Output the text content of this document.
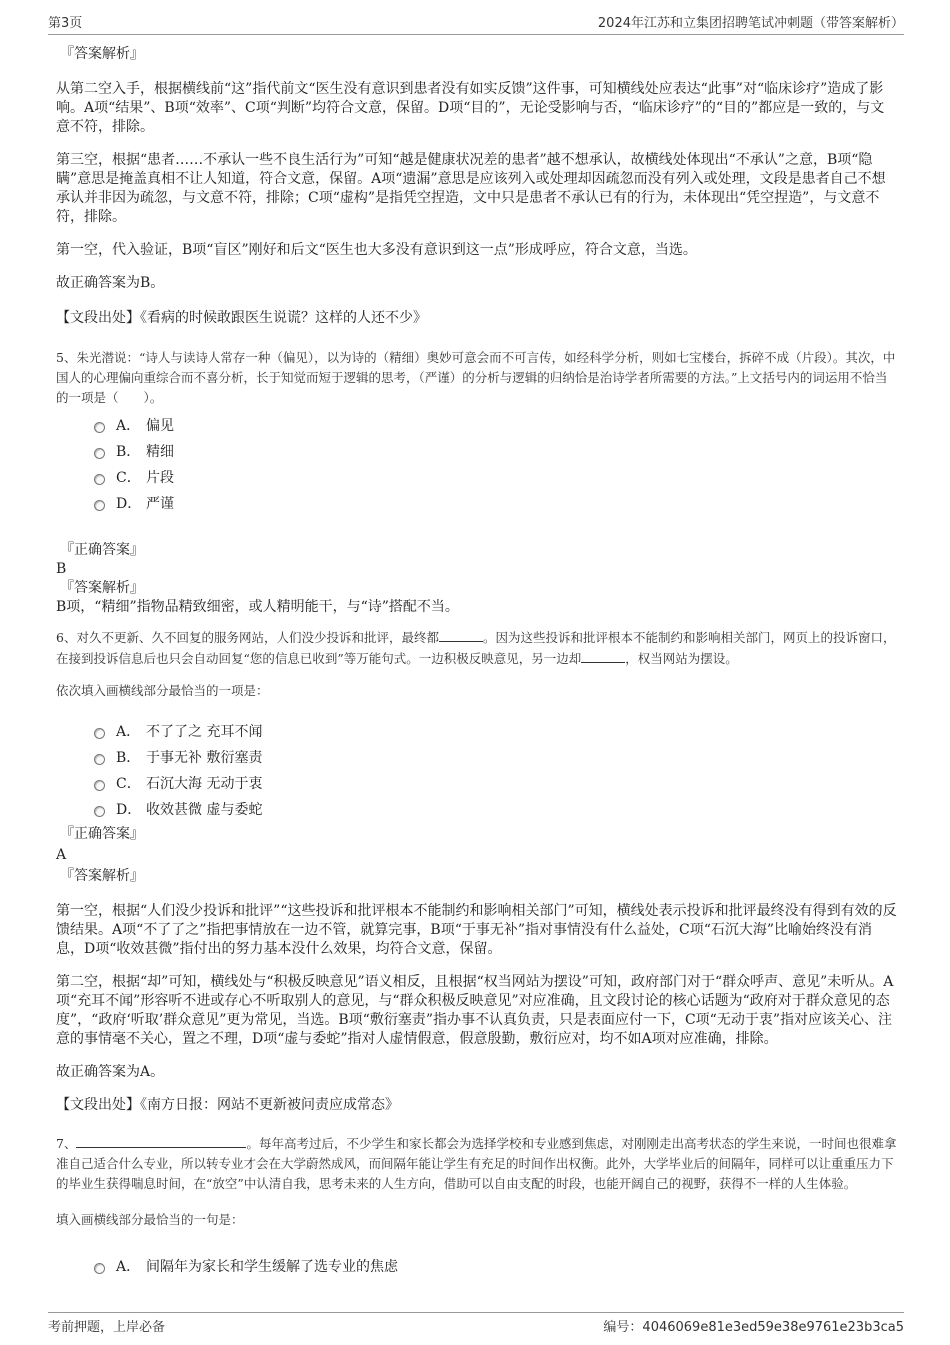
第3页	2024年江苏和立集团招聘笔试冲刺题（带答案解析）

『答案解析』

从第二空入手，根据横线前“这”指代前文“医生没有意识到患者没有如实反馈”这件事，可知横线处应表达“此事”对“临床诊疗”造成了影响。A项“结果”、B项“效率”、C项“判断”均符合文意，保留。D项“目的”，无论受影响与否，“临床诊疗”的“目的”都应是一致的，与文意不符，排除。

第三空，根据“患者……不承认一些不良生活行为”可知“越是健康状况差的患者”越不想承认，故横线处体现出“不承认”之意，B项“隐瞒”意思是掩盖真相不让人知道，符合文意，保留。A项“遗漏”意思是应该列入或处理却因疏忽而没有列入或处理，文段是患者自己不想承认并非因为疏忽，与文意不符，排除；C项“虚构”是指凭空捏造，文中只是患者不承认已有的行为，未体现出“凭空捏造”，与文意不符，排除。

第一空，代入验证，B项“盲区”刚好和后文“医生也大多没有意识到这一点”形成呼应，符合文意，当选。

故正确答案为B。

【文段出处】《看病的时候敢跟医生说谎？这样的人还不少》

5、朱光潜说：“诗人与读诗人常存一种（偏见），以为诗的（精细）奥妙可意会而不可言传，如经科学分析，则如七宝楼台，拆碎不成（片段）。其次，中国人的心理偏向重综合而不喜分析，长于知觉而短于逻辑的思考，（严谨）的分析与逻辑的归纳恰是治诗学者所需要的方法。”上文括号内的词运用不恰当的一项是（　　）。

A． 偏见
B． 精细
C． 片段
D． 严谨

『正确答案』

B

『答案解析』

B项，“精细”指物品精致细密，或人精明能干，与“诗”搭配不当。

6、对久不更新、久不回复的服务网站，人们没少投诉和批评，最终都	。因为这些投诉和批评根本不能制约和影响相关部门，网页上的投诉窗口，在接到投诉信息后也只会自动回复“您的信息已收到”等万能句式。一边积极反映意见，另一边却	，权当网站为摆设。

依次填入画横线部分最恰当的一项是：

A． 不了了之 充耳不闻
B． 于事无补 敷衍塞责
C． 石沉大海 无动于衷
D． 收效甚微 虚与委蛇

『正确答案』

A

『答案解析』

第一空，根据“人们没少投诉和批评”“这些投诉和批评根本不能制约和影响相关部门”可知，横线处表示投诉和批评最终没有得到有效的反馈结果。A项“不了了之”指把事情放在一边不管，就算完事，B项“于事无补”指对事情没有什么益处，C项“石沉大海”比喻始终没有消息，D项“收效甚微”指付出的努力基本没什么效果，均符合文意，保留。

第二空，根据“却”可知，横线处与“积极反映意见”语义相反，且根据“权当网站为摆设”可知，政府部门对于“群众呼声、意见”未听从。A项“充耳不闻”形容听不进或存心不听取别人的意见，与“群众积极反映意见”对应准确，且文段讨论的核心话题为“政府对于群众意见的态度”，“政府‘听取’群众意见”更为常见，当选。B项“敷衍塞责”指办事不认真负责，只是表面应付一下，C项“无动于衷”指对应该关心、注意的事情毫不关心，置之不理，D项“虚与委蛇”指对人虚情假意，假意殷勤，敷衍应对，均不如A项对应准确，排除。

故正确答案为A。

【文段出处】《南方日报：网站不更新被问责应成常态》

7、	。每年高考过后，不少学生和家长都会为选择学校和专业感到焦虑，对刚刚走出高考状态的学生来说，一时间也很难拿准自己适合什么专业，所以转专业才会在大学蔚然成风，而间隔年能让学生有充足的时间作出权衡。此外，大学毕业后的间隔年，同样可以让重重压力下的毕业生获得喘息时间，在“放空”中认清自我，思考未来的人生方向，借助可以自由支配的时段，也能开阔自己的视野，获得不一样的人生体验。

填入画横线部分最恰当的一句是：

A． 间隔年为家长和学生缓解了选专业的焦虑
考前押题，上岸必备	编号：4046069e81e3ed59e38e9761e23b3ca5
